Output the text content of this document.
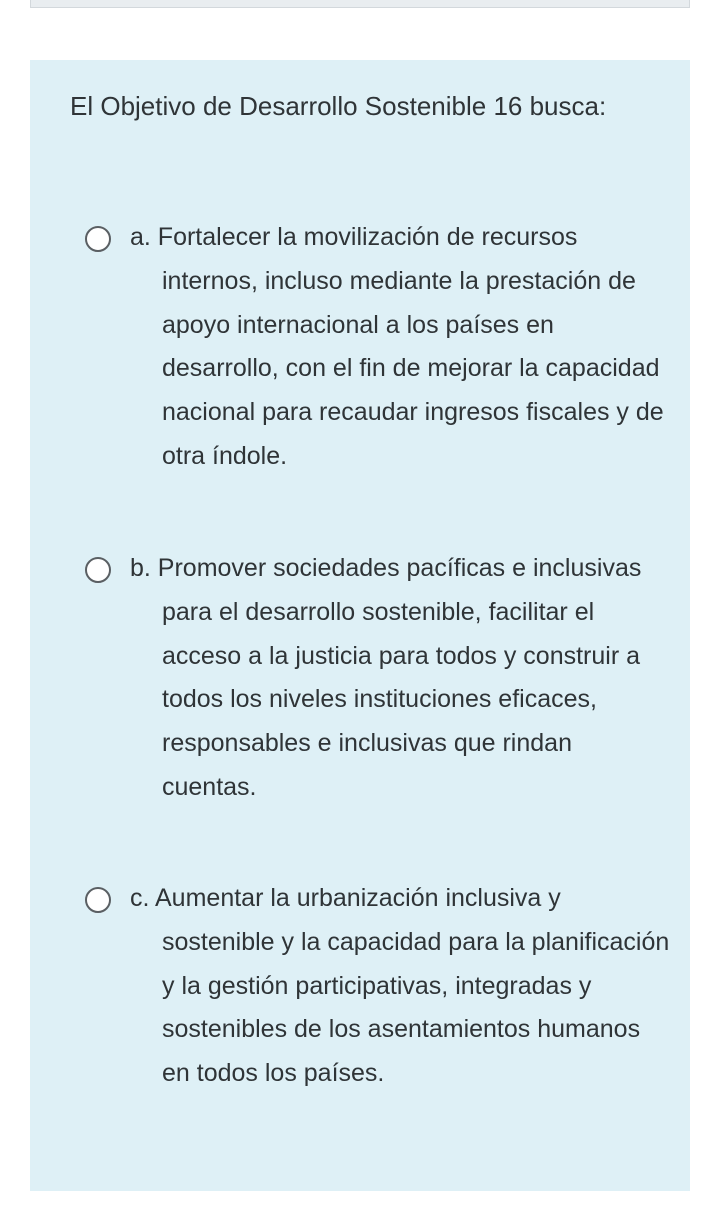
El Objetivo de Desarrollo Sostenible 16 busca:

a. Fortalecer la movilización de recursos internos, incluso mediante la prestación de apoyo internacional a los países en desarrollo, con el fin de mejorar la capacidad nacional para recaudar ingresos fiscales y de otra índole.
b. Promover sociedades pacíficas e inclusivas para el desarrollo sostenible, facilitar el acceso a la justicia para todos y construir a todos los niveles instituciones eficaces, responsables e inclusivas que rindan cuentas.
c. Aumentar la urbanización inclusiva y sostenible y la capacidad para la planificación y la gestión participativas, integradas y sostenibles de los asentamientos humanos en todos los países.
